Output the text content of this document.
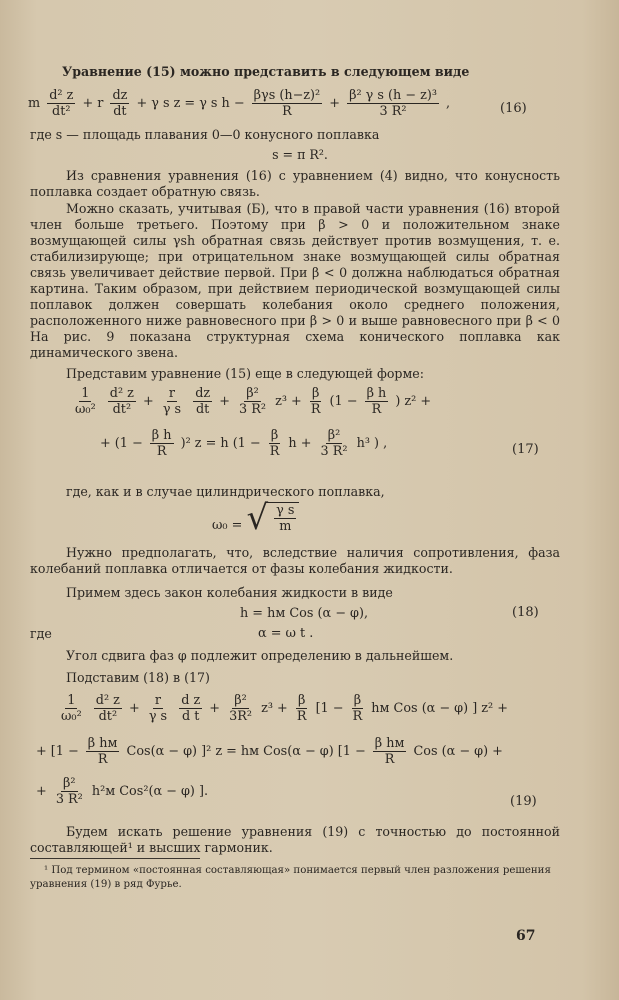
Уравнение (15) можно представить в следующем виде
m $\frac{\text{d² z}}{\text{dt²}} + r \frac{dz}{dt} + \gamma$ s z = γ s $h - \frac{\text{βγs (h−z)²}}{R} + \frac{\text{β² γ s (h − z)³}}{\text{3 R²}}$ ,	(16)
где s — площадь плавания 0—0 конусного поплавка
s = π R².
Из сравнения уравнения (16) с уравнением (4) видно, что конусность поплавка создает обратную связь.
Можно сказать, учитывая (Б), что в правой части уравнения (16) второй член больше третьего. Поэтому при β > 0 и положительном знаке возмущающей силы γsh обратная связь действует против возмущения, т. е. стабилизирующе; при отрицательном знаке возмущающей силы обратная связь увеличивает действие первой. При β < 0 должна наблюдаться обратная картина. Таким образом, при действием периодической возмущающей силы поплавок должен совершать колебания около среднего положения, расположенного ниже равновесного при β > 0 и выше равновесного при β < 0 На рис. 9 показана структурная схема конического поплавка как динамического звена.
Представим уравнение (15) еще в следующей форме:
$\frac{1}{\text{ω₀²}}$
$\frac{\text{d² z}}{\text{dt²}} + \frac{r}{\text{γ s}}$
$\frac{dz}{dt} + \frac{\text{β²}}{\text{3 R²}} z^3 + \frac{\beta}{R} (1 - \frac{\text{β h}}{R}$ ) z² +
+ $(1 - \frac{\text{β h}}{R} )^2$ z = h ($1 - \frac{\beta}{R}$ $h + \frac{\text{β²}}{\text{3 R²}} h^3$ ) ,	(17)
где, как и в случае цилиндрического поплавка,
ω₀ = √ $\frac{\text{γ s}}{m}$
Нужно предполагать, что, вследствие наличия сопротивления, фаза колебаний поплавка отличается от фазы колебания жидкости.
Примем здесь закон колебания жидкости в виде
h = hм Cos (α − φ),	(18)
где	α = ω t .
Угол сдвига фаз φ подлежит определению в дальнейшем.
Подставим (18) в (17)
$\frac{1}{\text{ω₀²}}$
$\frac{\text{d² z}}{\text{dt²}} + \frac{r}{\text{γ s}}$
$\frac{\text{d z}}{\text{d t}} + \frac{\text{β²}}{\text{3R²}} z^3 + \frac{\beta}{R} [1 - \frac{\beta}{R}$ hм Cos (α − φ) ] z² +
+ [$1 - \frac{\text{β hм}}{R} Cos(\alpha - \varphi)$ ]² z = hм Cos(α − φ) [$1 - \frac{\text{β hм}}{R}$ Cos (α − φ) +
+ $\frac{\text{β²}}{\text{3 R²}} h^2м$ Cos²(α − φ) ].
(19)
Будем искать решение уравнения (19) с точностью до постоянной составляющей¹ и высших гармоник.
¹ Под термином «постоянная составляющая» понимается первый член разложения решения уравнения (19) в ряд Фурье.
67
